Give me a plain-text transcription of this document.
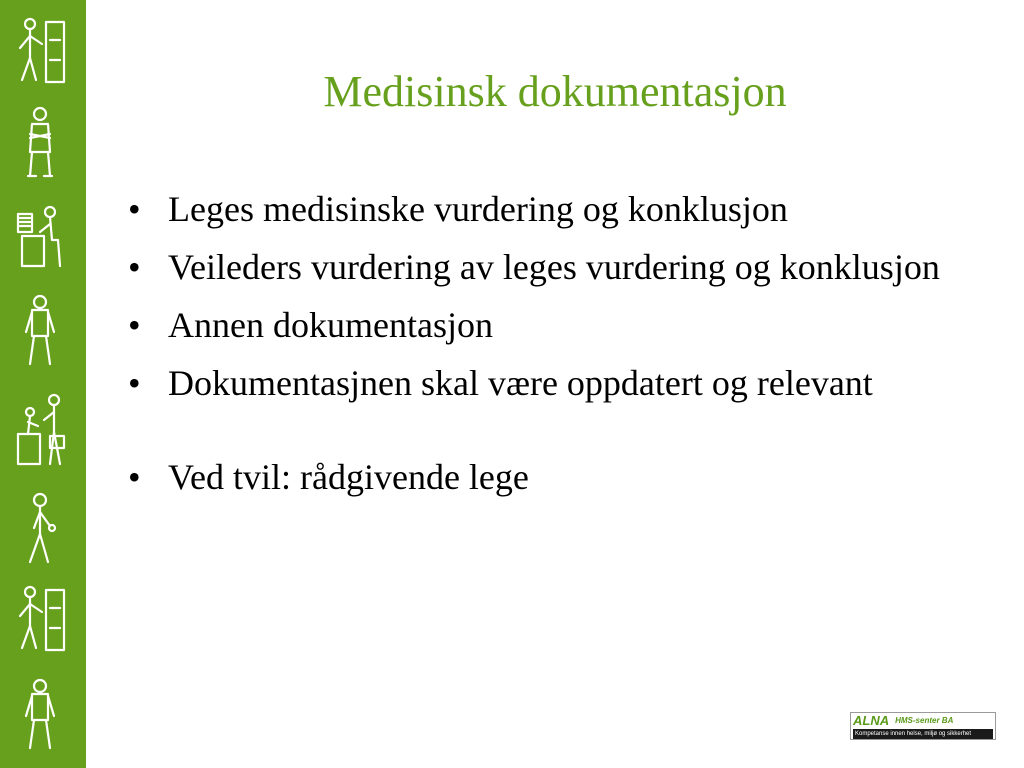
Medisinsk dokumentasjon
• Leges medisinske vurdering og konklusjon
• Veileders vurdering av leges vurdering og konklusjon
• Annen dokumentasjon
• Dokumentasjnen skal være oppdatert og relevant
• Ved tvil: rådgivende lege
ALNA HMS-senter BA
Kompetanse innen helse, miljø og sikkerhet
